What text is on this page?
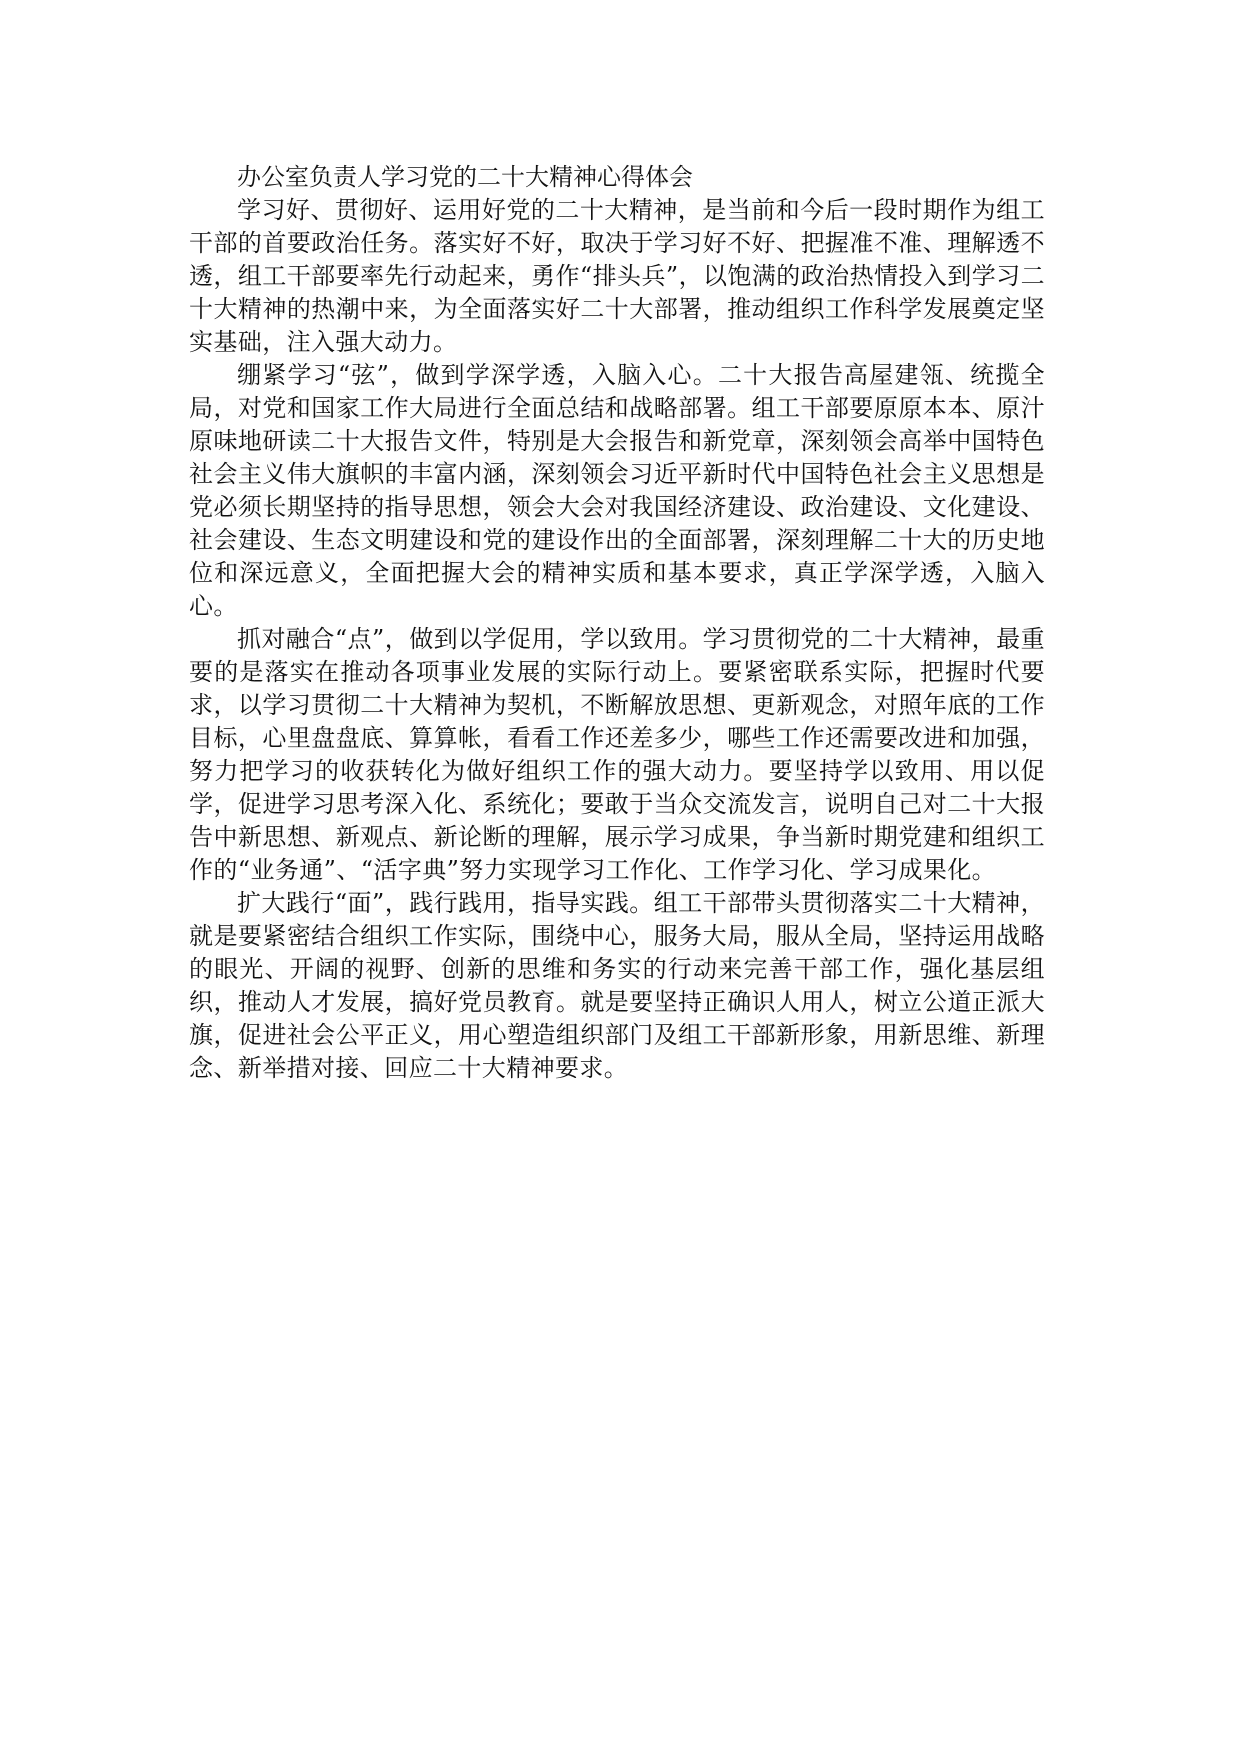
办公室负责人学习党的二十大精神心得体会

学习好、贯彻好、运用好党的二十大精神，是当前和今后一段时期作为组工干部的首要政治任务。落实好不好，取决于学习好不好、把握准不准、理解透不透，组工干部要率先行动起来，勇作“排头兵”，以饱满的政治热情投入到学习二十大精神的热潮中来，为全面落实好二十大部署，推动组织工作科学发展奠定坚实基础，注入强大动力。

绷紧学习“弦”，做到学深学透，入脑入心。二十大报告高屋建瓴、统揽全局，对党和国家工作大局进行全面总结和战略部署。组工干部要原原本本、原汁原味地研读二十大报告文件，特别是大会报告和新党章，深刻领会高举中国特色社会主义伟大旗帜的丰富内涵，深刻领会习近平新时代中国特色社会主义思想是党必须长期坚持的指导思想，领会大会对我国经济建设、政治建设、文化建设、社会建设、生态文明建设和党的建设作出的全面部署，深刻理解二十大的历史地位和深远意义，全面把握大会的精神实质和基本要求，真正学深学透，入脑入心。

抓对融合“点”，做到以学促用，学以致用。学习贯彻党的二十大精神，最重要的是落实在推动各项事业发展的实际行动上。要紧密联系实际，把握时代要求，以学习贯彻二十大精神为契机，不断解放思想、更新观念，对照年底的工作目标，心里盘盘底、算算帐，看看工作还差多少，哪些工作还需要改进和加强，努力把学习的收获转化为做好组织工作的强大动力。要坚持学以致用、用以促学，促进学习思考深入化、系统化；要敢于当众交流发言，说明自己对二十大报告中新思想、新观点、新论断的理解，展示学习成果，争当新时期党建和组织工作的“业务通”、“活字典”努力实现学习工作化、工作学习化、学习成果化。

扩大践行“面”，践行践用，指导实践。组工干部带头贯彻落实二十大精神，就是要紧密结合组织工作实际，围绕中心，服务大局，服从全局，坚持运用战略的眼光、开阔的视野、创新的思维和务实的行动来完善干部工作，强化基层组织，推动人才发展，搞好党员教育。就是要坚持正确识人用人，树立公道正派大旗，促进社会公平正义，用心塑造组织部门及组工干部新形象，用新思维、新理念、新举措对接、回应二十大精神要求。
